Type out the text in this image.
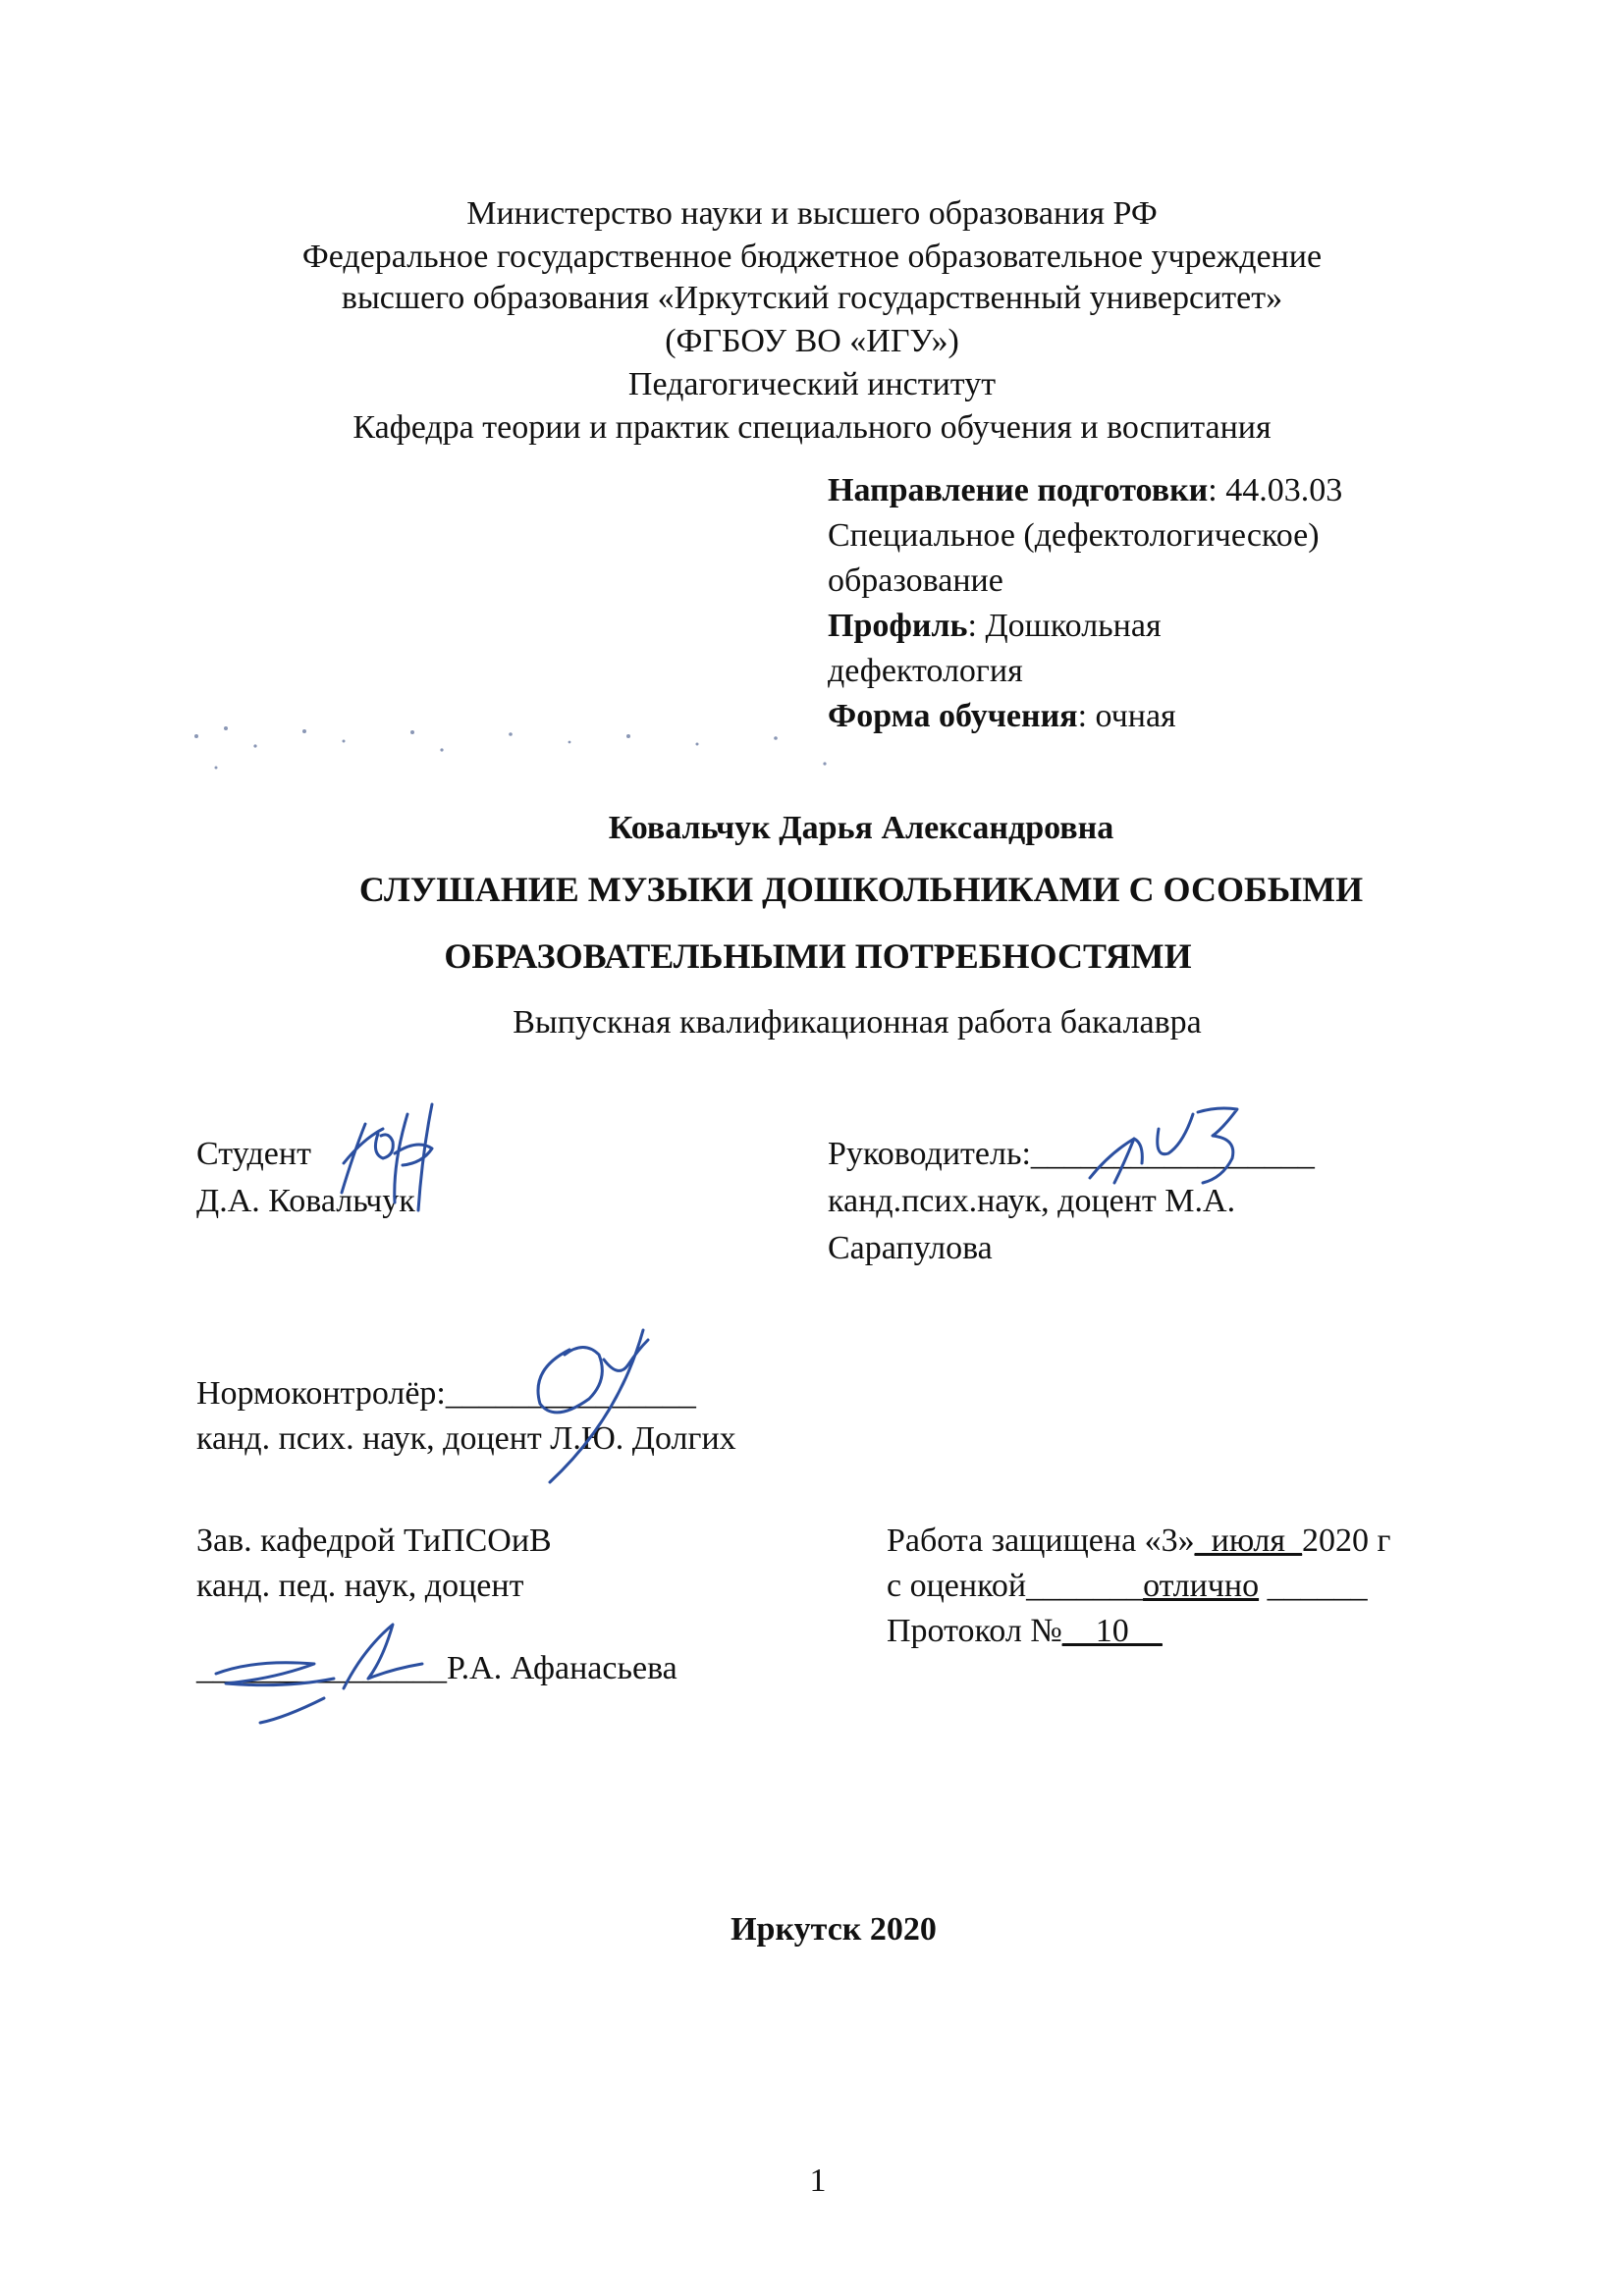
Министерство науки и высшего образования РФ
Федеральное государственное бюджетное образовательное учреждение
высшего образования «Иркутский государственный университет»
(ФГБОУ ВО «ИГУ»)
Педагогический институт
Кафедра теории и практик специального обучения и воспитания
Направление подготовки: 44.03.03
Специальное (дефектологическое)
образование
Профиль: Дошкольная
дефектология
Форма обучения: очная
Ковальчук Дарья Александровна
СЛУШАНИЕ МУЗЫКИ ДОШКОЛЬНИКАМИ С ОСОБЫМИ
ОБРАЗОВАТЕЛЬНЫМИ ПОТРЕБНОСТЯМИ
Выпускная квалификационная работа бакалавра
Студент
Д.А. Ковальчук
Руководитель:_________________
канд.псих.наук, доцент М.А.
Сарапулова
Нормоконтролёр:_______________
канд. псих. наук, доцент Л.Ю. Долгих
Зав. кафедрой ТиПСОиВ
канд. пед. наук, доцент
_______________Р.А. Афанасьева
Работа защищена «3»_июля_2020 г
с оценкой_______отлично ______
Протокол №__10__
Иркутск 2020
1
